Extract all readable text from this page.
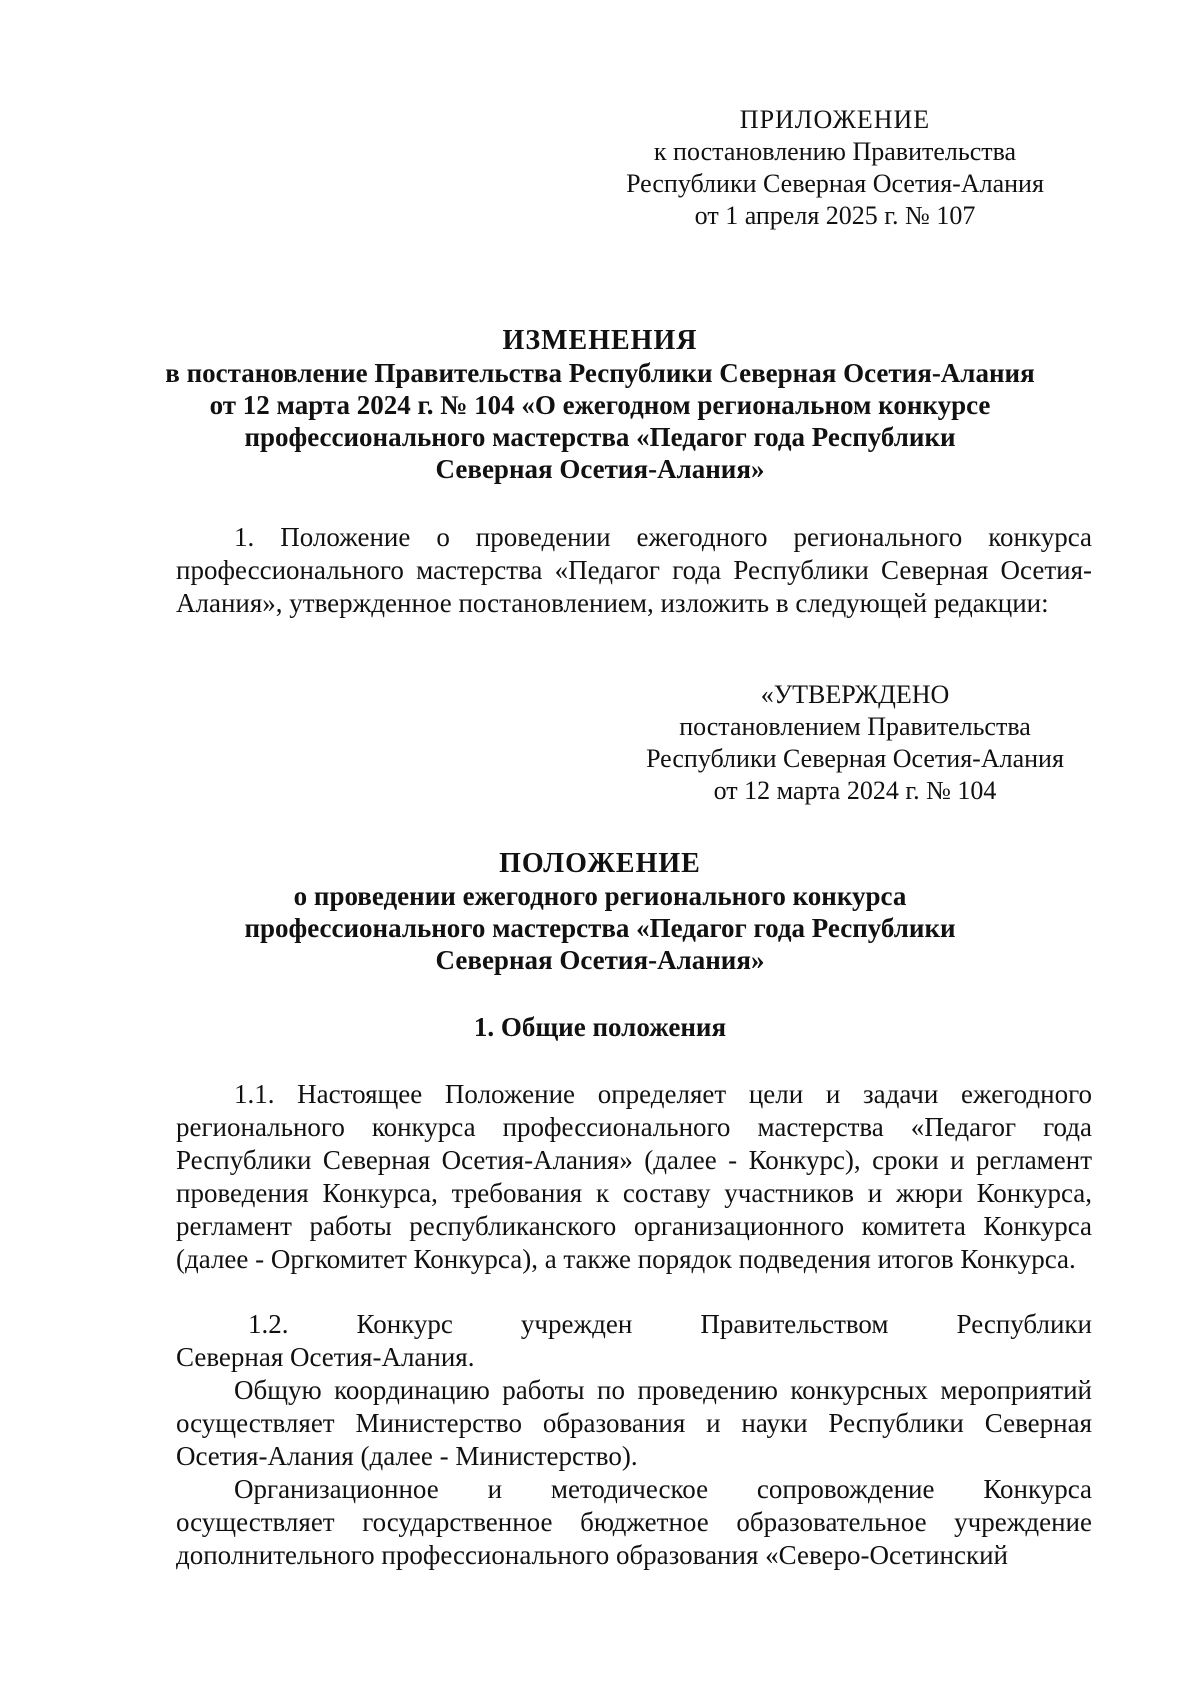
ПРИЛОЖЕНИЕ
к постановлению Правительства
Республики Северная Осетия-Алания
от 1 апреля 2025 г. № 107
ИЗМЕНЕНИЯ
в постановление Правительства Республики Северная Осетия-Алания
от 12 марта 2024 г. № 104 «О ежегодном региональном конкурсе
профессионального мастерства «Педагог года Республики
Северная Осетия-Алания»
1. Положение о проведении ежегодного регионального конкурса профессионального мастерства «Педагог года Республики Северная Осетия-Алания», утвержденное постановлением, изложить в следующей редакции:
«УТВЕРЖДЕНО
постановлением Правительства
Республики Северная Осетия-Алания
от 12 марта 2024 г. № 104
ПОЛОЖЕНИЕ
о проведении ежегодного регионального конкурса
профессионального мастерства «Педагог года Республики
Северная Осетия-Алания»
1. Общие положения
1.1. Настоящее Положение определяет цели и задачи ежегодного регионального конкурса профессионального мастерства «Педагог года Республики Северная Осетия-Алания» (далее - Конкурс), сроки и регламент проведения Конкурса, требования к составу участников и жюри Конкурса, регламент работы республиканского организационного комитета Конкурса (далее - Оргкомитет Конкурса), а также порядок подведения итогов Конкурса.
1.2.	Конкурс	учрежден	Правительством	Республики
Северная Осетия-Алания.
Общую координацию работы по проведению конкурсных мероприятий осуществляет Министерство образования и науки Республики Северная Осетия-Алания (далее - Министерство).
Организационное и методическое сопровождение Конкурса
осуществляет государственное бюджетное образовательное учреждение дополнительного профессионального образования «Северо-Осетинский
